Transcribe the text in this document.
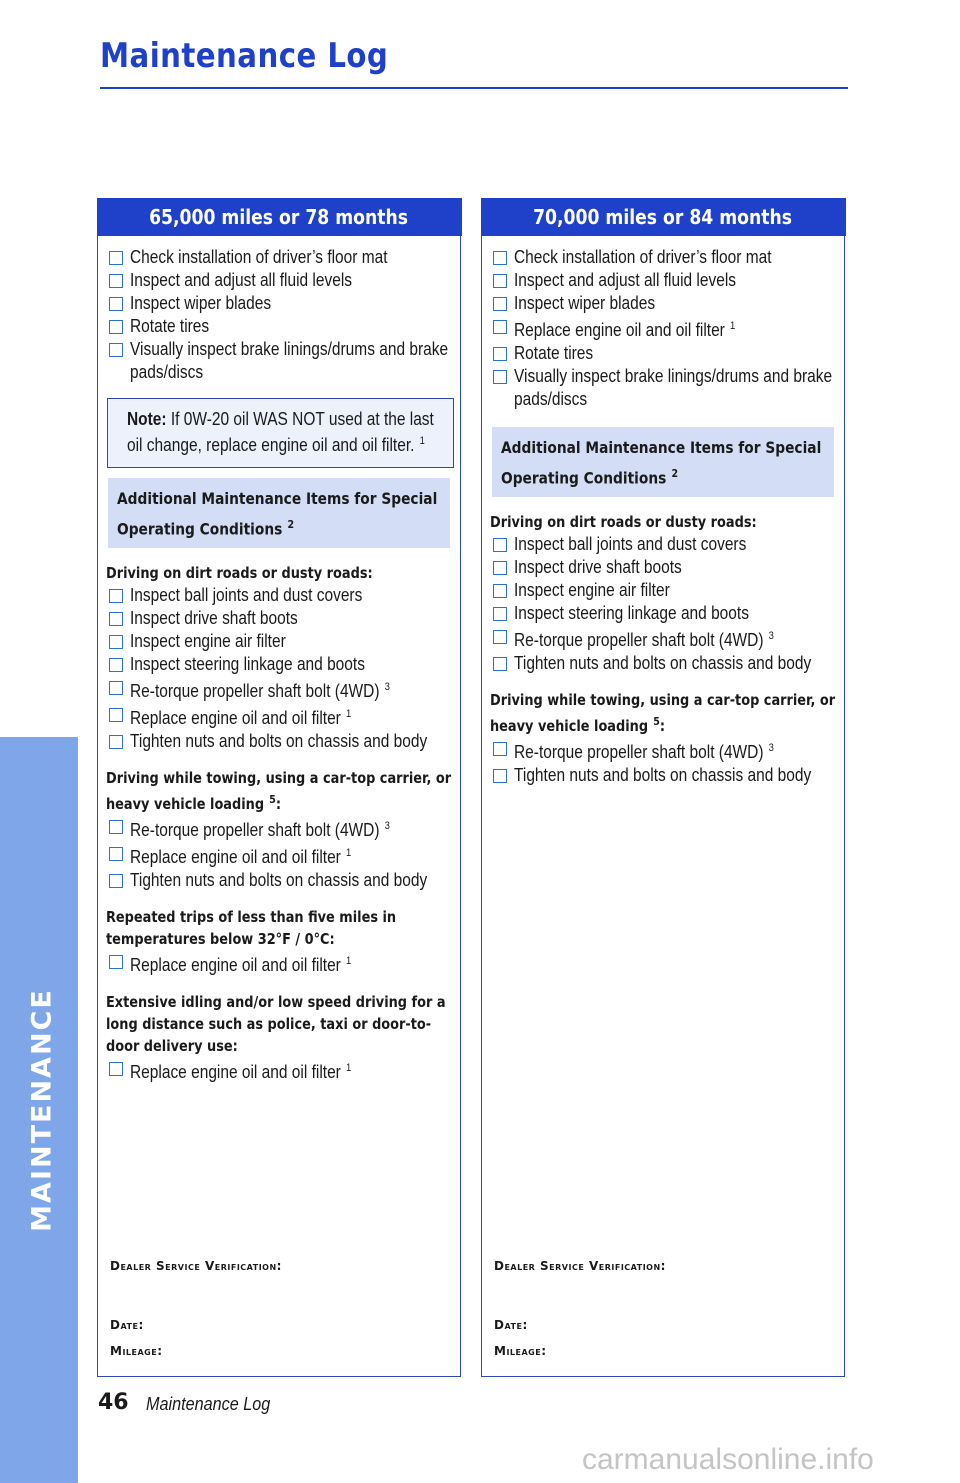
Maintenance Log
MAINTENANCE
65,000 miles or 78 months
Check installation of driver’s floor mat
Inspect and adjust all fluid levels
Inspect wiper blades
Rotate tires
Visually inspect brake linings/drums and brake pads/discs
Note: If 0W-20 oil WAS NOT used at the last oil change, replace engine oil and oil filter. $^1$
Additional Maintenance Items for Special Operating Conditions $^2$
Driving on dirt roads or dusty roads:
Inspect ball joints and dust covers
Inspect drive shaft boots
Inspect engine air filter
Inspect steering linkage and boots
Re-torque propeller shaft bolt (4WD) $^3$
Replace engine oil and oil filter $^1$
Tighten nuts and bolts on chassis and body
Driving while towing, using a car-top carrier, or heavy vehicle loading $^5$:
Re-torque propeller shaft bolt (4WD) $^3$
Replace engine oil and oil filter $^1$
Tighten nuts and bolts on chassis and body
Repeated trips of less than five miles in temperatures below 32°F / 0°C:
Replace engine oil and oil filter $^1$
Extensive idling and/or low speed driving for a long distance such as police, taxi or door-to-door delivery use:
Replace engine oil and oil filter $^1$
Dealer Service Verification:
Date:
Mileage:
70,000 miles or 84 months
Check installation of driver’s floor mat
Inspect and adjust all fluid levels
Inspect wiper blades
Replace engine oil and oil filter $^1$
Rotate tires
Visually inspect brake linings/drums and brake pads/discs
Additional Maintenance Items for Special Operating Conditions $^2$
Driving on dirt roads or dusty roads:
Inspect ball joints and dust covers
Inspect drive shaft boots
Inspect engine air filter
Inspect steering linkage and boots
Re-torque propeller shaft bolt (4WD) $^3$
Tighten nuts and bolts on chassis and body
Driving while towing, using a car-top carrier, or heavy vehicle loading $^5$:
Re-torque propeller shaft bolt (4WD) $^3$
Tighten nuts and bolts on chassis and body
Dealer Service Verification:
Date:
Mileage:
46 Maintenance Log
carmanualsonline.info
